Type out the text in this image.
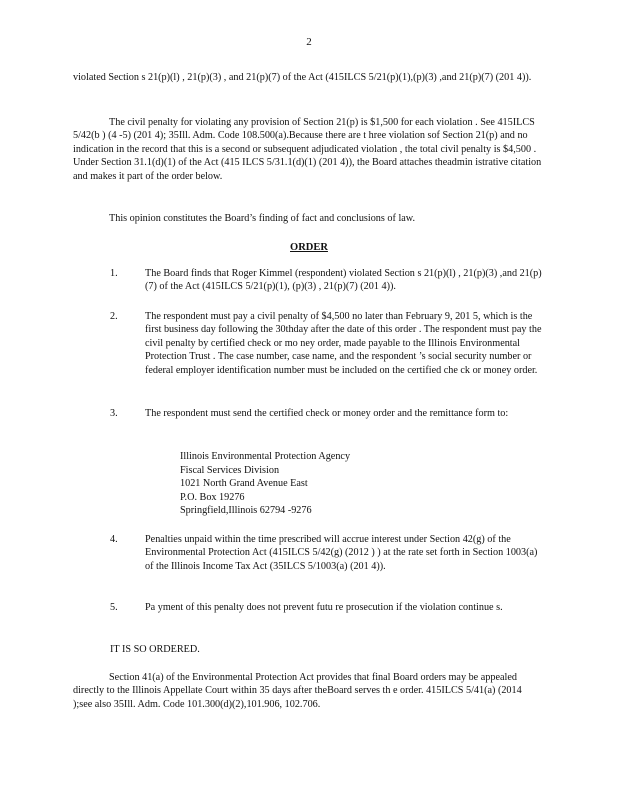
2

violated Section s 21(p)(l) , 21(p)(3) , and 21(p)(7) of the Act (415ILCS 5/21(p)(1),(p)(3) ,and 21(p)(7) (201 4)).

The civil penalty for violating any provision of Section 21(p) is $1,500 for each violation . See 415ILCS 5/42(b ) (4 -5) (201 4); 35Ill. Adm. Code 108.500(a).Because there are t hree violation sof Section 21(p) and no indication in the record that this is a second or subsequent adjudicated violation , the total civil penalty is $4,500 . Under Section 31.1(d)(1) of the Act (415 ILCS 5/31.1(d)(1) (201 4)), the Board attaches theadmin istrative citation and makes it part of the order below.

This opinion constitutes the Board’s finding of fact and conclusions of law.

ORDER
1.	The Board finds that Roger Kimmel (respondent) violated Section s 21(p)(l) , 21(p)(3) ,and 21(p)(7) of the Act (415ILCS 5/21(p)(1), (p)(3) , 21(p)(7) (201 4)).
2.	The respondent must pay a civil penalty of $4,500 no later than February 9, 201 5, which is the first business day following the 30thday after the date of this order . The respondent must pay the civil penalty by certified check or mo ney order, made payable to the Illinois Environmental Protection Trust . The case number, case name, and the respondent ’s social security number or federal employer identification number must be included on the certified che ck or money order.
3.	The respondent must send the certified check or money order and the remittance form to:
Illinois Environmental Protection Agency
Fiscal Services Division
1021 North Grand Avenue East
P.O. Box 19276
Springfield,Illinois 62794 -9276
4.	Penalties unpaid within the time prescribed will accrue interest under Section 42(g) of the Environmental Protection Act (415ILCS 5/42(g) (2012 ) ) at the rate set forth in Section 1003(a) of the Illinois Income Tax Act (35ILCS 5/1003(a) (201 4)).
5.	Pa yment of this penalty does not prevent futu re prosecution if the violation continue s.
IT IS SO ORDERED.

Section 41(a) of the Environmental Protection Act provides that final Board orders may be appealed directly to the Illinois Appellate Court within 35 days after theBoard serves th e order. 415ILCS 5/41(a) (2014 );see also 35Ill. Adm. Code 101.300(d)(2),101.906, 102.706.
